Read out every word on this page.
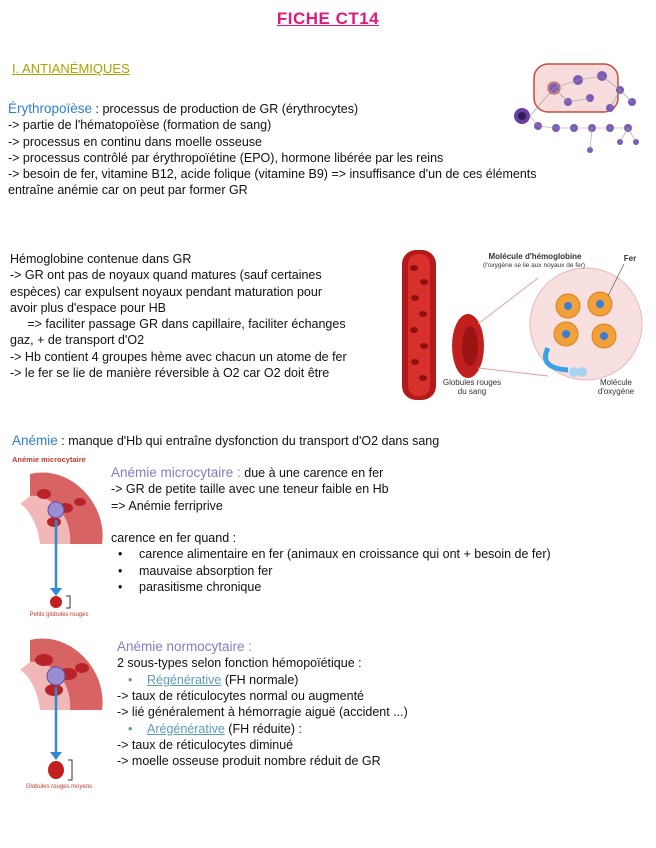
FICHE CT14
I. ANTIANÉMIQUES
Érythropoïèse : processus de production de GR (érythrocytes)
-> partie de l'hématopoïèse (formation de sang)
-> processus en continu dans moelle osseuse
-> processus contrôlé par érythropoïétine (EPO), hormone libérée par les reins
-> besoin de fer, vitamine B12, acide folique (vitamine B9) => insuffisance d'un de ces éléments
entraîne anémie car on peut par former GR
Hémoglobine contenue dans GR
-> GR ont pas de noyaux quand matures (sauf certaines
espèces) car expulsent noyaux pendant maturation pour
avoir plus d'espace pour HB
=> faciliter passage GR dans capillaire, faciliter échanges
gaz, + de transport d'O2
-> Hb contient 4 groupes hème avec chacun un atome de fer
-> le fer se lie de manière réversible à O2 car O2 doit être
Molécule d'hémoglobine
(l'oxygène se lie aux noyaux de fer)
Fer
Globules rouges du sang
Molécule d'oxygène
Anémie : manque d'Hb qui entraîne dysfonction du transport d'O2 dans sang
Anémie microcytaire
Petits globules rouges
Anémie microcytaire : due à une carence en fer
-> GR de petite taille avec une teneur faible en Hb
=> Anémie ferriprive
carence en fer quand :
• carence alimentaire en fer (animaux en croissance qui ont + besoin de fer)
• mauvaise absorption fer
• parasitisme chronique
Globules rouges moyens
Anémie normocytaire :
2 sous-types selon fonction hémopoïétique :
• Régénérative (FH normale)
-> taux de réticulocytes normal ou augmenté
-> lié généralement à hémorragie aiguë (accident ...)
• Arégénérative (FH réduite) :
-> taux de réticulocytes diminué
-> moelle osseuse produit nombre réduit de GR
